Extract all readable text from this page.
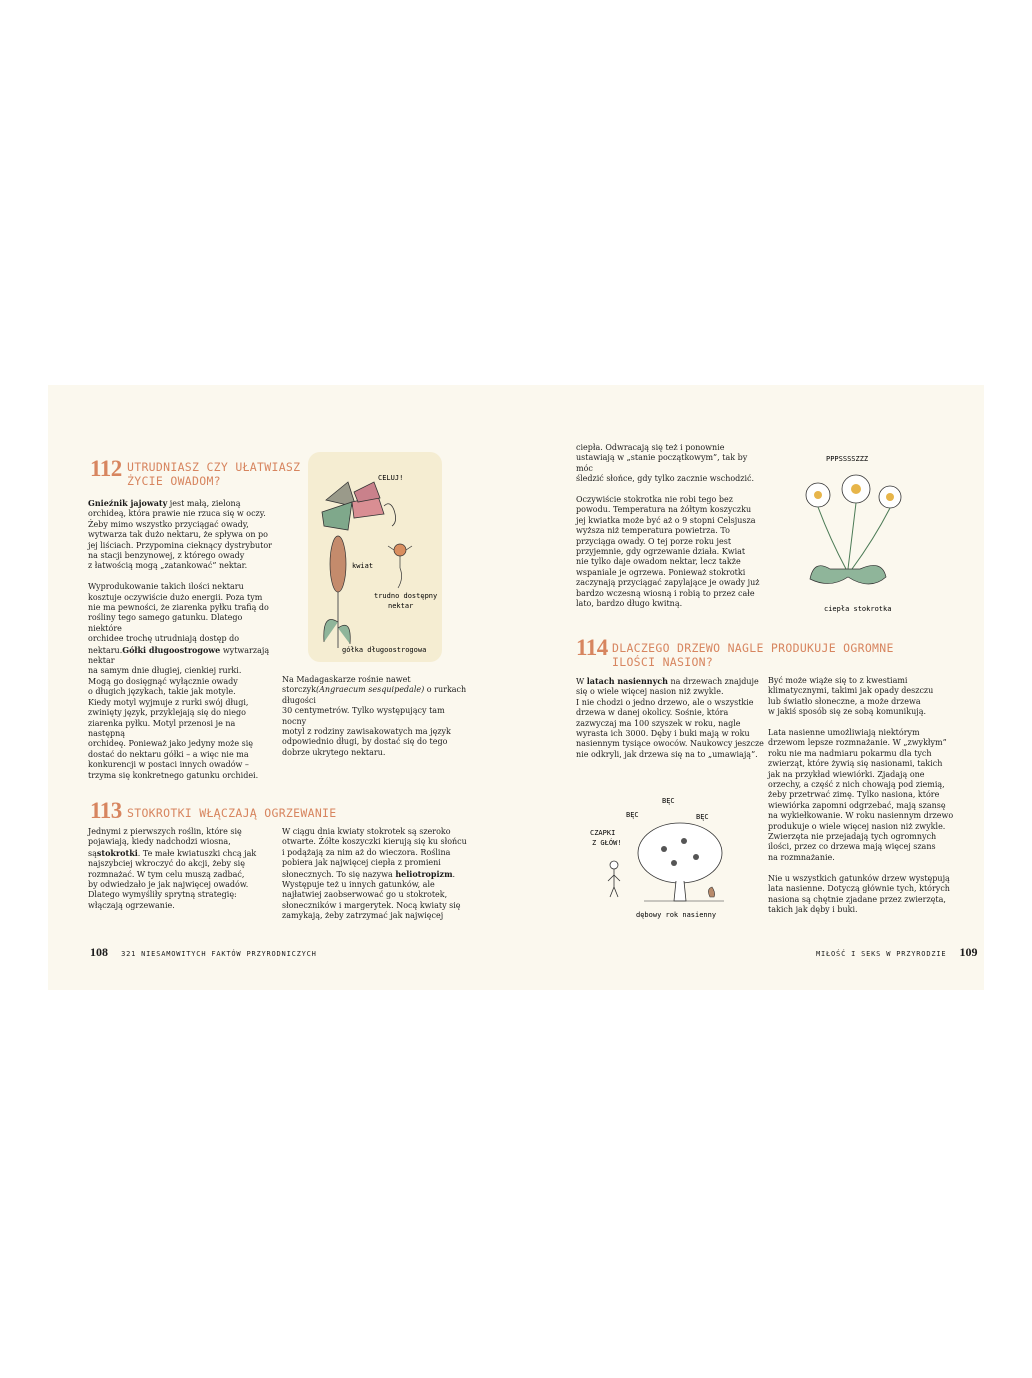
112 UTRUDNIASZ CZY UŁATWIASZ
ŻYCIE OWADOM?

Gnieźnik jajowaty jest małą, zieloną
orchideą, która prawie nie rzuca się w oczy.
Żeby mimo wszystko przyciągać owady,
wytwarza tak dużo nektaru, że spływa on po
jej liściach. Przypomina cieknący dystrybutor
na stacji benzynowej, z którego owady
z łatwością mogą „zatankować” nektar.

Wyprodukowanie takich ilości nektaru
kosztuje oczywiście dużo energii. Poza tym
nie ma pewności, że ziarenka pyłku trafią do
rośliny tego samego gatunku. Dlatego niektóre
orchidee trochę utrudniają dostęp do nektaru.Gółki długoostrogowe wytwarzają nektar
na samym dnie długiej, cienkiej rurki.
Mogą go dosięgnąć wyłącznie owady
o długich językach, takie jak motyle.
Kiedy motyl wyjmuje z rurki swój długi,
zwinięty język, przyklejają się do niego
ziarenka pyłku. Motyl przenosi je na następną
orchideę. Ponieważ jako jedyny może się
dostać do nektaru gółki – a więc nie ma
konkurencji w postaci innych owadów –
trzyma się konkretnego gatunku orchidei.

CELUJ!
kwiat
trudno dostępny
nektar
gółka długoostrogowa

Na Madagaskarze rośnie nawet storczyk(Angraecum sesquipedale) o rurkach długości
30 centymetrów. Tylko występujący tam nocny
motyl z rodziny zawisakowatych ma język
odpowiednio długi, by dostać się do tego
dobrze ukrytego nektaru.

113 STOKROTKI WŁĄCZAJĄ OGRZEWANIE

Jednymi z pierwszych roślin, które się
pojawiają, kiedy nadchodzi wiosna, sąstokrotki. Te małe kwiatuszki chcą jak
najszybciej wkroczyć do akcji, żeby się
rozmnażać. W tym celu muszą zadbać,
by odwiedzało je jak najwięcej owadów.
Dlatego wymyśliły sprytną strategię:
włączają ogrzewanie.

W ciągu dnia kwiaty stokrotek są szeroko
otwarte. Żółte koszyczki kierują się ku słońcu
i podążają za nim aż do wieczora. Roślina
pobiera jak najwięcej ciepła z promieni
słonecznych. To się nazywa heliotropizm.
Występuje też u innych gatunków, ale
najłatwiej zaobserwować go u stokrotek,
słoneczników i margerytek. Nocą kwiaty się
zamykają, żeby zatrzymać jak najwięcej

108 321 NIESAMOWITYCH FAKTÓW PRZYRODNICZYCH

ciepła. Odwracają się też i ponownie
ustawiają w „stanie początkowym”, tak by móc
śledzić słońce, gdy tylko zacznie wschodzić.

Oczywiście stokrotka nie robi tego bez
powodu. Temperatura na żółtym koszyczku
jej kwiatka może być aż o 9 stopni Celsjusza
wyższa niż temperatura powietrza. To
przyciąga owady. O tej porze roku jest
przyjemnie, gdy ogrzewanie działa. Kwiat
nie tylko daje owadom nektar, lecz także
wspaniale je ogrzewa. Ponieważ stokrotki
zaczynają przyciągać zapylające je owady już
bardzo wczesną wiosną i robią to przez całe
lato, bardzo długo kwitną.

PPPSSSSZZZ
ciepła stokrotka
114 DLACZEGO DRZEWO NAGLE PRODUKUJE OGROMNE
ILOŚCI NASION?

W latach nasiennych na drzewach znajduje
się o wiele więcej nasion niż zwykle.
I nie chodzi o jedno drzewo, ale o wszystkie
drzewa w danej okolicy. Sośnie, która
zazwyczaj ma 100 szyszek w roku, nagle
wyrasta ich 3000. Dęby i buki mają w roku
nasiennym tysiące owoców. Naukowcy jeszcze
nie odkryli, jak drzewa się na to „umawiają”.

Być może wiąże się to z kwestiami
klimatycznymi, takimi jak opady deszczu
lub światło słoneczne, a może drzewa
w jakiś sposób się ze sobą komunikują.

Lata nasienne umożliwiają niektórym
drzewom lepsze rozmnażanie. W „zwykłym”
roku nie ma nadmiaru pokarmu dla tych
zwierząt, które żywią się nasionami, takich
jak na przykład wiewiórki. Zjadają one
orzechy, a część z nich chowają pod ziemią,
żeby przetrwać zimę. Tylko nasiona, które
wiewiórka zapomni odgrzebać, mają szansę
na wykiełkowanie. W roku nasiennym drzewo
produkuje o wiele więcej nasion niż zwykle.
Zwierzęta nie przejadają tych ogromnych
ilości, przez co drzewa mają więcej szans
na rozmnażanie.

Nie u wszystkich gatunków drzew występują
lata nasienne. Dotyczą głównie tych, których
nasiona są chętnie zjadane przez zwierzęta,
takich jak dęby i buki.

BĘC
BĘC	BĘC
CZAPKI
Z GŁÓW!
dębowy rok nasienny
MIŁOŚĆ I SEKS W PRZYRODZIE 109
